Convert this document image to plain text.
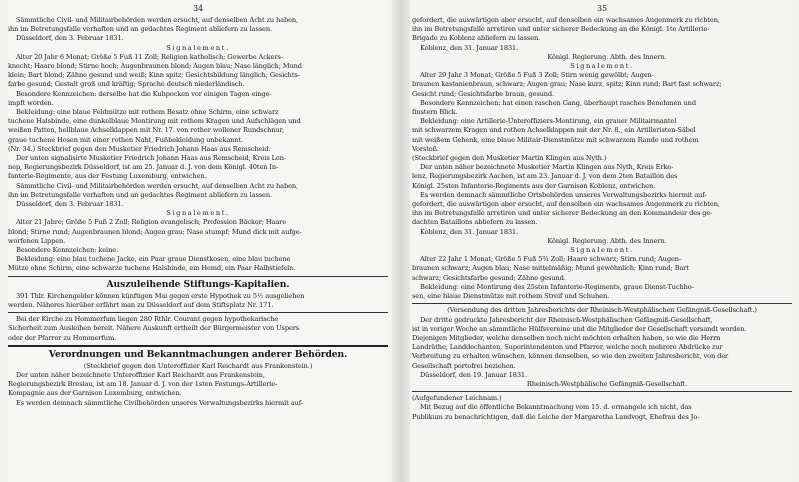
34

Sämmtliche Civil- und Militairbehörden werden ersucht, auf denselben Acht zu haben,

ihn im Betretungsfalle verhaften und an gedachtes Regiment abliefern zu lassen.

Düsseldorf, den 3. Februar 1831.

Signalement.

Alter 20 Jahr 6 Monat; Größe 5 Fuß 11 Zoll; Religion katholisch; Gewerbe Ackers-

knecht; Haare blond; Stirne hoch; Augenbraunen blond; Augen blau; Nase länglich; Mund

klein; Bart blond; Zähne gesund und weiß; Kinn spitz; Gesichtsbildung länglich; Gesichts-

farbe gesund; Gestalt groß und kräftig; Sprache deutsch niederländisch.

Besondere Kennzeichen: derselbe hat die Kuhpocken vor einigen Tagen einge-

impft worden.

Bekleidung: eine blaue Feldmütze mit rothem Besatz ohne Schirm, eine schwarz

tuchene Halsbinde, eine dunkelblaue Montirung mit rothem Kragen und Aufschlägen und

weißen Patten, hellblaue Achselklappen mit Nr. 17. von rother wollener Rundschnur,

graue tuchene Hosen mit einer rothen Naht, Fußbekleidung unbekannt.

(Nr. 34.) Steckbrief gegen den Musketier Friedrich Johann Haas aus Remscheid.

Der unten signalisirte Musketier Friedrich Johann Haas aus Remscheid, Kreis Len-

nep, Regierungsbezirk Düsseldorf, ist am 25. Januar d. J. von dem Königl. 40ten In-

fanterie-Regimente, aus der Festung Luxemburg, entwichen.

Sämmtliche Civil- und Militairbehörden werden ersucht, auf denselben Acht zu haben,

ihn im Betretungsfalle verhaften und an gedachtes Regiment abliefern zu lassen.

Düsseldorf, den 3. Februar 1831.

Signalement.

Alter 21 Jahre; Größe 5 Fuß 2 Zoll; Religion evangelisch; Profession Bäcker; Haare

blond; Stirne rund; Augenbraunen blond; Augen grau; Nase stumpf; Mund dick mit aufge-

worfenen Lippen.

Besondere Kennzeichen: keine.

Bekleidung: eine blau tuchene Jacke, ein Paar graue Dienstkosen, eine blau tuchene

Mütze ohne Schirm, eine schwarze tuchene Halsbinde, ein Hemd, ein Paar Halbstiefeln.

Auszuleihende Stiftungs-Kapitalien.

391 Thlr. Kirchengelder können künftigen Mai gegen erste Hypothek zu 5½ ausgeliehen

werden. Näheres hierüber erfährt man zu Düsseldorf auf dem Stiftsplatz Nr. 171.

Bei der Kirche zu Hommerfum liegen 280 Rthlr. Courant gegen hypothekarische

Sicherheit zum Ausleihen bereit. Nähere Auskunft ertheilt der Bürgermeister von Uspers

oder der Pfarrer zu Hommerfum.

Verordnungen und Bekanntmachungen anderer Behörden.

(Steckbrief gegen den Unteroffizier Karl Reichardt aus Frankenstein.)

Der unten näher bezeichnete Unteroffizier Karl Reichardt aus Frankenstein,

Regierungsbezirk Breslau, ist am 18. Januar d. J. von der 1sten Festungs-Artillerie-

Kompagnie aus der Garnison Luxemburg, entwichen.

Es werden demnach sämmtliche Civilbehörden unseres Verwaltungsbezirks hiermit auf-

35

gefordert, die auswärtigen aber ersucht, auf denselben ein wachsames Augenmerk zu richten,

ihn im Betretungsfalle arretiren und unter sicherer Bedeckung an die Königl. 1te Artillerie-

Brigade zu Koblenz abliefern zu lassen.

Koblenz, den 31. Januar 1831.

Königl. Regierung. Abth. des Innern.

Signalement.

Alter 29 Jahr 3 Monat; Größe 5 Fuß 3 Zoll; Stirn wenig gewölbt; Augen-

braunen kastanienbraun, schwarz; Augen grau; Nase kurz, spitz; Kinn rund; Bart fast schwarz;

Gesicht rund; Gesichtsfarbe braun, gesund.

Besondere Kennzeichen: hat einen raschen Gang, überhaupt rasches Benehmen und

finstern Blick.

Bekleidung: eine Artillerie-Unteroffiziers-Montirung, ein grauer Militairmantel

mit schwarzem Kragen und rothen Achselklappen mit der Nr. 8., ein Artilleristen-Säbel

mit weißem Gehenk, eine blaue Militair-Dienstmütze mit schwarzem Rande und rothem

Vorstoß.

(Steckbrief gegen den Musketier Martin Klingen aus Nyth.)

Der unten näher bezeichnete Musketier Martin Klingen aus Nyth, Kreis Erke-

lenz, Regierungsbezirk Aachen, ist am 23. Januar d. J. von dem 2ten Bataillon des

Königl. 25sten Infanterie-Regiments aus der Garnison Koblenz, entwichen.

Es werden demnach sämmtliche Ortsbehörden unseres Verwaltungsbezirks hiermit auf-

gefordert, die auswärtigen aber ersucht, auf denselben ein wachsames Augenmerk zu richten,

ihn im Betretungsfalle arretiren und unter sicherer Bedeckung an den Kommandeur des ge-

dachten Bataillons abliefern zu lassen.

Koblenz, den 31. Januar 1831.

Königl. Regierung. Abth. des Innern.

Signalement.

Alter 22 Jahr 1 Monat; Größe 5 Fuß 5¾ Zoll; Haare schwarz; Stirn rund; Augen-

braunen schwarz; Augen blau; Nase mittelmäßig; Mund gewöhnlich; Kinn rund; Bart

schwarz; Gesichtsfarbe gesund; Zähne gesund.

Bekleidung: eine Montirung des 25sten Infanterie-Regiments, graue Dienst-Tuchho-

sen, eine blaue Dienstmütze mit rothem Streif und Schuhen.

(Versendung des dritten Jahresberichts der Rheinisch-Westphälischen Gefängniß-Gesellschaft.)

Der dritte gedruckte Jahresbericht der Rheinisch-Westphälischen Gefängniß-Gesellschaft,

ist in voriger Woche an sämmtliche Hülfsvereine und die Mitglieder der Gesellschaft versandt worden.

Diejenigen Mitglieder, welche denselben noch nicht möchten erhalten haben, so wie die Herrn

Landräthe, Landdechanten, Superintendenten und Pfarrer, welche noch mehrere Abdrücke zur

Verbreitung zu erhalten wünschen, können denselben, so wie den zweiten Jahresbericht, von der

Gesellschaft portofrei beziehen.

Düsseldorf, den 19. Januar 1831.

Rheinisch-Westphälische Gefängniß-Gesellschaft.

(Aufgefundener Leichnam.)

Mit Bezug auf die öffentliche Bekanntmachung vom 15. d. ermangele ich nicht, das

Publikum zu benachrichtigen, daß die Leiche der Margaretha Landvogt, Ehefrau des Jo-
